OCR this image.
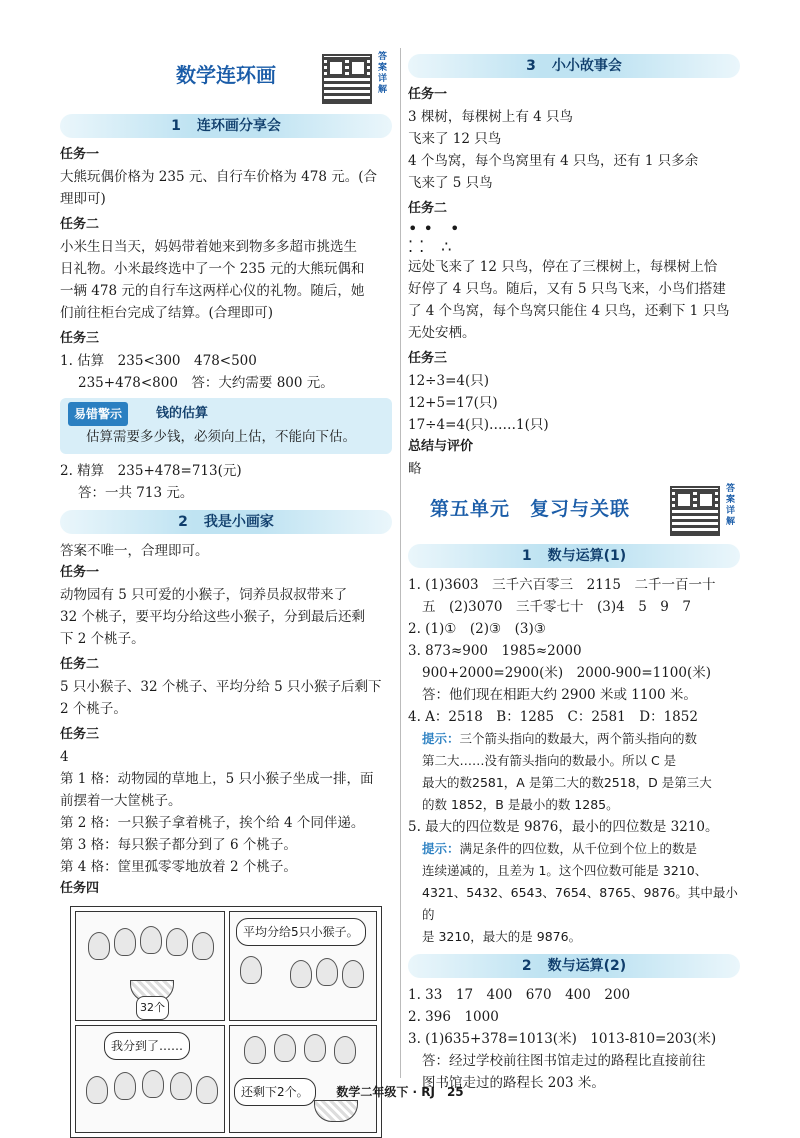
数学连环画
答
案
详
解
1 连环画分享会
任务一
大熊玩偶价格为 235 元、自行车价格为 478 元。(合
理即可)
任务二
小米生日当天，妈妈带着她来到物多多超市挑选生
日礼物。小米最终选中了一个 235 元的大熊玩偶和
一辆 478 元的自行车这两样心仪的礼物。随后，她
们前往柜台完成了结算。(合理即可)
任务三
1. 估算　235<300　478<500
235+478<800　答：大约需要 800 元。
易错警示	钱的估算
估算需要多少钱，必须向上估，不能向下估。
2. 精算　235+478=713(元)
答：一共 713 元。
2 我是小画家
答案不唯一，合理即可。
任务一
动物园有 5 只可爱的小猴子，饲养员叔叔带来了
32 个桃子，要平均分给这些小猴子，分到最后还剩
下 2 个桃子。
任务二
5 只小猴子、32 个桃子、平均分给 5 只小猴子后剩下
2 个桃子。
任务三
4
第 1 格：动物园的草地上，5 只小猴子坐成一排，面
前摆着一大筐桃子。
第 2 格：一只猴子拿着桃子，挨个给 4 个同伴递。
第 3 格：每只猴子都分到了 6 个桃子。
第 4 格：筐里孤零零地放着 2 个桃子。
任务四
32个
平均分给5只小猴子。
我分到了……
还剩下2个。
3 小小故事会
任务一
3 棵树，每棵树上有 4 只鸟
飞来了 12 只鸟
4 个鸟窝，每个鸟窝里有 4 只鸟，还有 1 只多余
飞来了 5 只鸟
任务二
•• •
⁚⁚ ∴
远处飞来了 12 只鸟，停在了三棵树上，每棵树上恰
好停了 4 只鸟。随后，又有 5 只鸟飞来，小鸟们搭建
了 4 个鸟窝，每个鸟窝只能住 4 只鸟，还剩下 1 只鸟
无处安栖。
任务三
12÷3=4(只)
12+5=17(只)
17÷4=4(只)……1(只)
总结与评价
略
第五单元　复习与关联
答
案
详
解
1 数与运算(1)
1. (1)3603　三千六百零三　2115　二千一百一十
五　(2)3070　三千零七十　(3)4　5　9　7
2. (1)①　(2)③　(3)③
3. 873≈900　1985≈2000
900+2000=2900(米)　2000-900=1100(米)
答：他们现在相距大约 2900 米或 1100 米。
4. A：2518　B：1285　C：2581　D：1852
提示：三个箭头指向的数最大，两个箭头指向的数
第二大……没有箭头指向的数最小。所以 C 是
最大的数2581，A 是第二大的数2518，D 是第三大
的数 1852，B 是最小的数 1285。
5. 最大的四位数是 9876，最小的四位数是 3210。
提示：满足条件的四位数，从千位到个位上的数是
连续递减的，且差为 1。这个四位数可能是 3210、
4321、5432、6543、7654、8765、9876。其中最小的
是 3210，最大的是 9876。
2 数与运算(2)
1. 33　17　400　670　400　200
2. 396　1000
3. (1)635+378=1013(米)　1013-810=203(米)
答：经过学校前往图书馆走过的路程比直接前往
图书馆走过的路程长 203 米。
数学二年级下 · RJ　25
